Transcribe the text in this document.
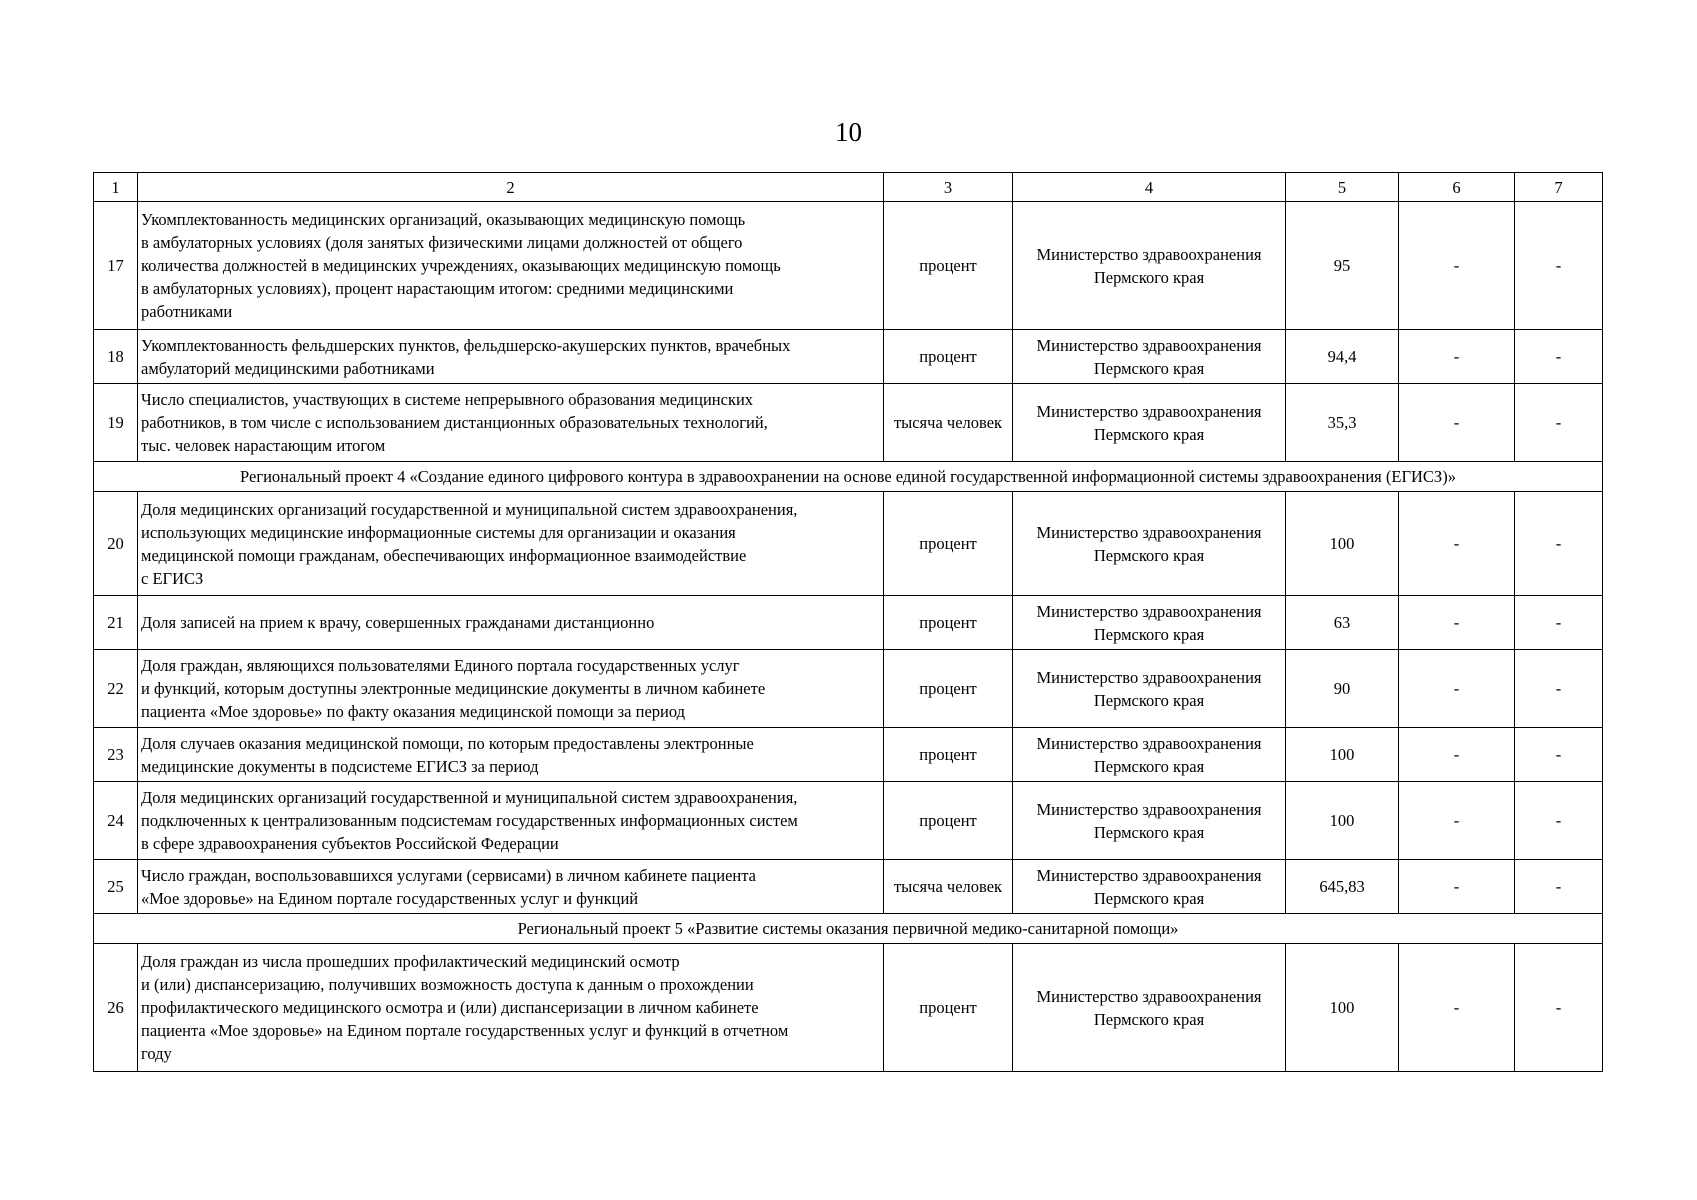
10
1	2	3	4	5	6	7
17	Укомплектованность медицинских организаций, оказывающих медицинскую помощь
в амбулаторных условиях (доля занятых физическими лицами должностей от общего
количества должностей в медицинских учреждениях, оказывающих медицинскую помощь
в амбулаторных условиях), процент нарастающим итогом: средними медицинскими
работниками	процент	Министерство здравоохранения
Пермского края	95	-	-
18	Укомплектованность фельдшерских пунктов, фельдшерско-акушерских пунктов, врачебных
амбулаторий медицинскими работниками	процент	Министерство здравоохранения
Пермского края	94,4	-	-
19	Число специалистов, участвующих в системе непрерывного образования медицинских
работников, в том числе с использованием дистанционных образовательных технологий,
тыс. человек нарастающим итогом	тысяча человек	Министерство здравоохранения
Пермского края	35,3	-	-
Региональный проект 4 «Создание единого цифрового контура в здравоохранении на основе единой государственной информационной системы здравоохранения (ЕГИСЗ)»						
20	Доля медицинских организаций государственной и муниципальной систем здравоохранения,
использующих медицинские информационные системы для организации и оказания
медицинской помощи гражданам, обеспечивающих информационное взаимодействие
с ЕГИСЗ	процент	Министерство здравоохранения
Пермского края	100	-	-
21	Доля записей на прием к врачу, совершенных гражданами дистанционно	процент	Министерство здравоохранения
Пермского края	63	-	-
22	Доля граждан, являющихся пользователями Единого портала государственных услуг
и функций, которым доступны электронные медицинские документы в личном кабинете
пациента «Мое здоровье» по факту оказания медицинской помощи за период	процент	Министерство здравоохранения
Пермского края	90	-	-
23	Доля случаев оказания медицинской помощи, по которым предоставлены электронные
медицинские документы в подсистеме ЕГИСЗ за период	процент	Министерство здравоохранения
Пермского края	100	-	-
24	Доля медицинских организаций государственной и муниципальной систем здравоохранения,
подключенных к централизованным подсистемам государственных информационных систем
в сфере здравоохранения субъектов Российской Федерации	процент	Министерство здравоохранения
Пермского края	100	-	-
25	Число граждан, воспользовавшихся услугами (сервисами) в личном кабинете пациента
«Мое здоровье» на Едином портале государственных услуг и функций	тысяча человек	Министерство здравоохранения
Пермского края	645,83	-	-
Региональный проект 5 «Развитие системы оказания первичной медико-санитарной помощи»						
26	Доля граждан из числа прошедших профилактический медицинский осмотр
и (или) диспансеризацию, получивших возможность доступа к данным о прохождении
профилактического медицинского осмотра и (или) диспансеризации в личном кабинете
пациента «Мое здоровье» на Едином портале государственных услуг и функций в отчетном
году	процент	Министерство здравоохранения
Пермского края	100	-	-
